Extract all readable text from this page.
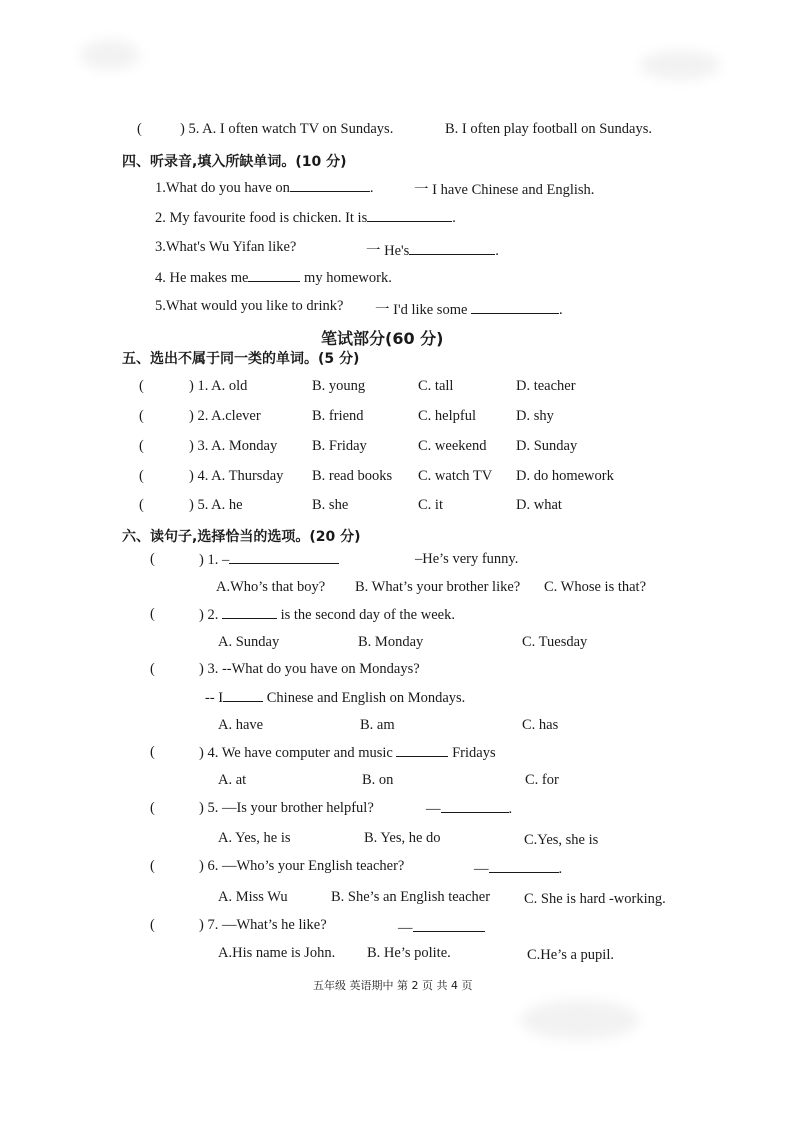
(	) 5. A. I often watch TV on Sundays.	B. I often play football on Sundays.
四、听录音,填入所缺单词。(10 分)
1.What do you have on	.	一 I have Chinese and English.
2. My favourite food is chicken. It is	.
3.What's Wu Yifan like?	一 He's	.
4. He makes me	my homework.
5.What would you like to drink? 一 I'd like some	.
笔试部分(60 分)
五、选出不属于同一类的单词。(5 分)
(	) 1. A. old	B. young	C. tall	D. teacher
(	) 2. A.clever	B. friend	C. helpful	D. shy
(	) 3. A. Monday B. Friday	C. weekend D. Sunday
(	) 4. A. Thursday B. read books C. watch TV D. do homework
(	) 5. A. he	B. she	C. it	D. what
六、读句子,选择恰当的选项。(20 分)
(	) 1. –	–He’s very funny.
A.Who’s that boy? B. What’s your brother like? C. Whose is that?
(	) 2.	is the second day of the week.
A. Sunday	B. Monday	C. Tuesday
(	) 3. --What do you have on Mondays?
-- I	Chinese and English on Mondays.
A. have	B. am	C. has
(	) 4. We have computer and music	Fridays
A. at	B. on	C. for
(	) 5. —Is your brother helpful?	—	.
A. Yes, he is	B. Yes, he do	C.Yes, she is
(	) 6. —Who’s your English teacher?	—	.
A. Miss Wu	B. She’s an English teacher C. She is hard -working.
(	) 7. —What’s he like?	—
A.His name is John. B. He’s polite.	C.He’s a pupil.
五年级 英语期中 第 2 页 共 4 页
